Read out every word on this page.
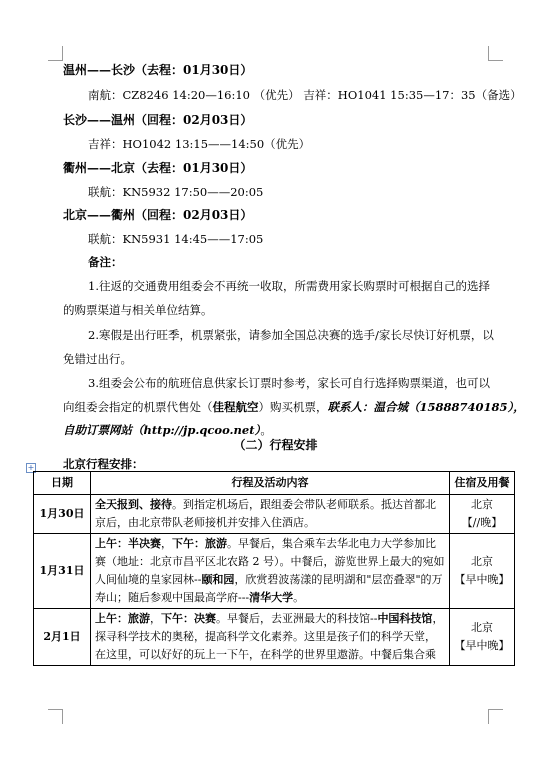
温州——长沙（去程：01月30日）
南航：CZ8246 14:20—16:10 （优先） 吉祥：HO1041 15:35—17：35（备选）
长沙——温州（回程：02月03日）
吉祥：HO1042 13:15——14:50（优先）
衢州——北京（去程：01月30日）
联航：KN5932 17:50——20:05
北京——衢州（回程：02月03日）
联航：KN5931 14:45——17:05
备注：
1.往返的交通费用组委会不再统一收取，所需费用家长购票时可根据自己的选择
的购票渠道与相关单位结算。
2.寒假是出行旺季，机票紧张，请参加全国总决赛的选手/家长尽快订好机票，以
免错过出行。
3.组委会公布的航班信息供家长订票时参考，家长可自行选择购票渠道，也可以
向组委会指定的机票代售处（佳程航空）购买机票，联系人：温合城（15888740185），
自助订票网站（http://jp.qcoo.net）。
（二）行程安排
北京行程安排：
+
日期	行程及活动内容	住宿及用餐
1月30日	全天报到、接待。到指定机场后，跟组委会带队老师联系。抵达首都北京后，由北京带队老师接机并安排入住酒店。	北京
【//晚】

1月31日	上午：半决赛，下午：旅游。早餐后，集合乘车去华北电力大学参加比赛（地址：北京市昌平区北农路 2 号）。中餐后，游览世界上最大的宛如人间仙境的皇家园林--颐和园，欣赏碧波荡漾的昆明湖和"层峦叠翠"的万寿山；随后参观中国最高学府---清华大学。	北京
【早中晚】

2月1日	上午：旅游，下午：决赛。早餐后，去亚洲最大的科技馆--中国科技馆，探寻科学技术的奥秘，提高科学文化素养。这里是孩子们的科学天堂，在这里，可以好好的玩上一下午，在科学的世界里遨游。中餐后集合乘	北京
【早中晚】
